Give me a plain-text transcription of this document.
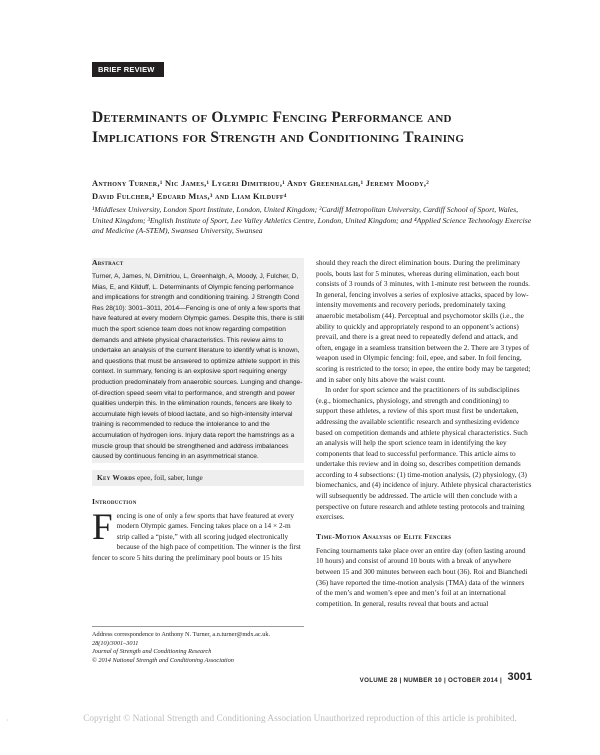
BRIEF REVIEW
Determinants of Olympic Fencing Performance and Implications for Strength and Conditioning Training

Anthony Turner,¹ Nic James,¹ Lygeri Dimitriou,¹ Andy Greenhalgh,¹ Jeremy Moody,²
David Fulcher,³ Eduard Mias,³ and Liam Kilduff⁴

¹Middlesex University, London Sport Institute, London, United Kingdom; ²Cardiff Metropolitan University, Cardiff School of Sport, Wales, United Kingdom; ³English Institute of Sport, Lee Valley Athletics Centre, London, United Kingdom; and ⁴Applied Science Technology Exercise and Medicine (A-STEM), Swansea University, Swansea

Abstract

Turner, A, James, N, Dimitriou, L, Greenhalgh, A, Moody, J, Fulcher, D, Mias, E, and Kilduff, L. Determinants of Olympic fencing performance and implications for strength and conditioning training. J Strength Cond Res 28(10): 3001–3011, 2014—Fencing is one of only a few sports that have featured at every modern Olympic games. Despite this, there is still much the sport science team does not know regarding competition demands and athlete physical characteristics. This review aims to undertake an analysis of the current literature to identify what is known, and questions that must be answered to optimize athlete support in this context. In summary, fencing is an explosive sport requiring energy production predominately from anaerobic sources. Lunging and change-of-direction speed seem vital to performance, and strength and power qualities underpin this. In the elimination rounds, fencers are likely to accumulate high levels of blood lactate, and so high-intensity interval training is recommended to reduce the intolerance to and the accumulation of hydrogen ions. Injury data report the hamstrings as a muscle group that should be strengthened and address imbalances caused by continuous fencing in an asymmetrical stance.

Key Words epee, foil, saber, lunge

Introduction

F encing is one of only a few sports that have featured at every modern Olympic games. Fencing takes place on a 14 × 2-m strip called a “piste,” with all scoring judged electronically because of the high pace of competition. The winner is the first fencer to score 5 hits during the preliminary pool bouts or 15 hits

Address correspondence to Anthony N. Turner, a.n.turner@mdx.ac.uk.

28(10)/3001–3011

Journal of Strength and Conditioning Research

© 2014 National Strength and Conditioning Association

should they reach the direct elimination bouts. During the preliminary pools, bouts last for 5 minutes, whereas during elimination, each bout consists of 3 rounds of 3 minutes, with 1-minute rest between the rounds. In general, fencing involves a series of explosive attacks, spaced by low-intensity movements and recovery periods, predominately taxing anaerobic metabolism (44). Perceptual and psychomotor skills (i.e., the ability to quickly and appropriately respond to an opponent’s actions) prevail, and there is a great need to repeatedly defend and attack, and often, engage in a seamless transition between the 2. There are 3 types of weapon used in Olympic fencing: foil, epee, and saber. In foil fencing, scoring is restricted to the torso; in epee, the entire body may be targeted; and in saber only hits above the waist count.

In order for sport science and the practitioners of its subdisciplines (e.g., biomechanics, physiology, and strength and conditioning) to support these athletes, a review of this sport must first be undertaken, addressing the available scientific research and synthesizing evidence based on competition demands and athlete physical characteristics. Such an analysis will help the sport science team in identifying the key components that lead to successful performance. This article aims to undertake this review and in doing so, describes competition demands according to 4 subsections: (1) time-motion analysis, (2) physiology, (3) biomechanics, and (4) incidence of injury. Athlete physical characteristics will subsequently be addressed. The article will then conclude with a perspective on future research and athlete testing protocols and training exercises.

Time-Motion Analysis of Elite Fencers

Fencing tournaments take place over an entire day (often lasting around 10 hours) and consist of around 10 bouts with a break of anywhere between 15 and 300 minutes between each bout (36). Roi and Bianchedi (36) have reported the time-motion analysis (TMA) data of the winners of the men’s and women’s epee and men’s foil at an international competition. In general, results reveal that bouts and actual

VOLUME 28 | NUMBER 10 | OCTOBER 2014 | 3001
·	Copyright © National Strength and Conditioning Association Unauthorized reproduction of this article is prohibited.
